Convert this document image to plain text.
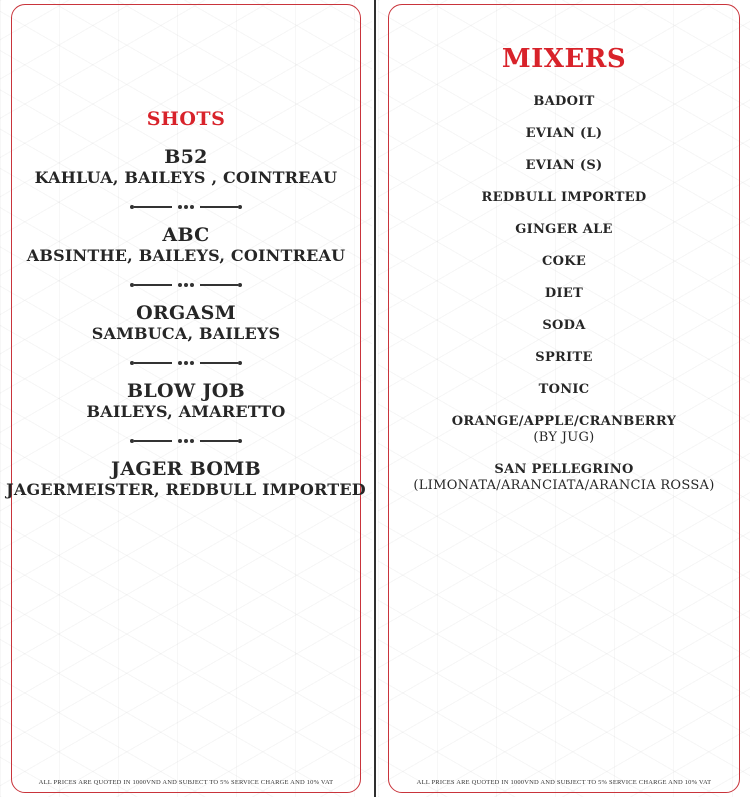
SHOTS
B52
KAHLUA, BAILEYS , COINTREAU
ABC
ABSINTHE, BAILEYS, COINTREAU
ORGASM
SAMBUCA, BAILEYS
BLOW JOB
BAILEYS, AMARETTO
JAGER BOMB
JAGERMEISTER, REDBULL IMPORTED
ALL PRICES ARE QUOTED IN 1000VND AND SUBJECT TO 5% SERVICE CHARGE AND 10% VAT
MIXERS
BADOIT
EVIAN (L)
EVIAN (S)
REDBULL IMPORTED
GINGER ALE
COKE
DIET
SODA
SPRITE
TONIC
ORANGE/APPLE/CRANBERRY
(BY JUG)
SAN PELLEGRINO
(LIMONATA/ARANCIATA/ARANCIA ROSSA)
ALL PRICES ARE QUOTED IN 1000VND AND SUBJECT TO 5% SERVICE CHARGE AND 10% VAT
